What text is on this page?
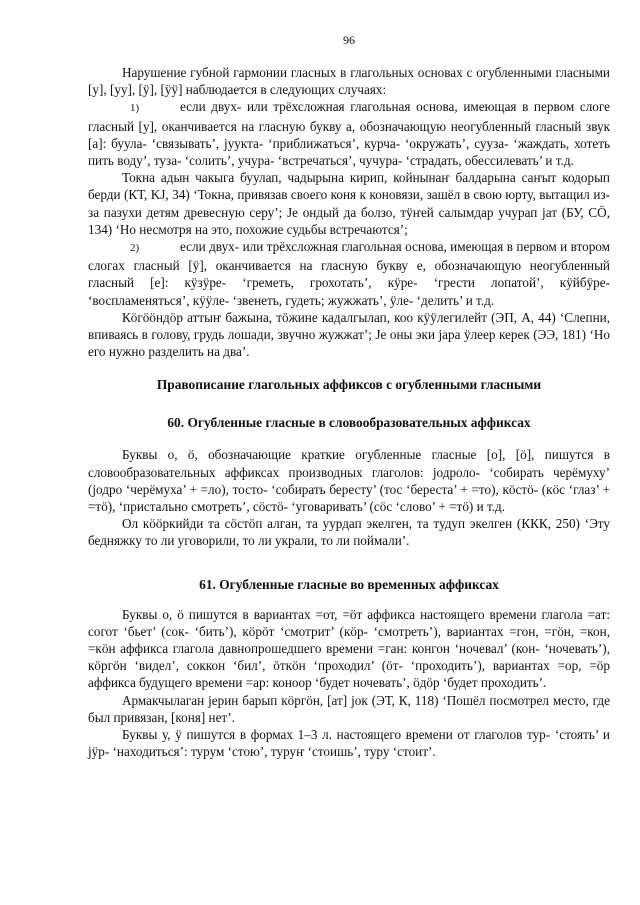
96

Нарушение губной гармонии гласных в глагольных основах с огубленными гласными [у], [уу], [ӱ], [ӱӱ] наблюдается в следующих случаях:

1)	если двух- или трёхсложная глагольная основа, имеющая в первом слоге гласный [у], оканчивается на гласную букву а, обозначающую неогубленный гласный звук [а]: буула- ‘связывать’, јуукта- ‘приближаться’, курча- ‘окружать’, сууза- ‘жаждать, хотеть пить воду’, туза- ‘солить’, учура- ‘встречаться’, чучура- ‘страдать, обессилевать’ и т.д.

Токна адын чакыга буулап, чадырына кирип, койнынаҥ балдарына саҥыт кодорып берди (КТ, KJ, 34) ‘Токна, привязав своего коня к коновязи, зашёл в свою юрту, вытащил из-за пазухи детям древесную серу’; Је ондый да болзо, тӱҥей салымдар учурап јат (БУ, СӦ, 134) ‘Но несмотря на это, похожие судьбы встречаются’;

2)	если двух- или трёхсложная глагольная основа, имеющая в первом и втором слогах гласный [ӱ], оканчивается на гласную букву е, обозначающую неогубленный гласный [е]: кӱзӱре- ‘греметь, грохотать’, кӱре- ‘грести лопатой’, кӱйбӱре- ‘воспламеняться’, кӱӱле- ‘звенеть, гудеть; жужжать’, ӱле- ‘делить’ и т.д.

Кӧгӧӧндӧр аттыҥ бажына, тӧжине кадалгылап, коо кӱӱлегилейт (ЭП, А, 44) ‘Слепни, впиваясь в голову, грудь лошади, звучно жужжат’; Је оны эки јара ӱлеер керек (ЭЭ, 181) ‘Но его нужно разделить на два’.

Правописание глагольных аффиксов с огубленными гласными
60. Огубленные гласные в словообразовательных аффиксах

Буквы о, ӧ, обозначающие краткие огубленные гласные [о], [ӧ], пишутся в словообразовательных аффиксах производных глаголов: јодроло- ‘собирать черёмуху’ (јодро ‘черёмуха’ + =ло), тосто- ‘собирать бересту’ (тос ‘береста’ + =то), кӧстӧ- (кӧс ‘глаз’ + =тӧ), ‘пристально смотреть’, сӧстӧ- ‘уговаривать’ (сӧс ‘слово’ + =тӧ) и т.д.

Ол кӧӧркийди та сӧстӧп алган, та уурдап экелген, та тудуп экелген (ККК, 250) ‘Эту бедняжку то ли уговорили, то ли украли, то ли поймали’.

61. Огубленные гласные во временных аффиксах

Буквы о, ӧ пишутся в вариантах =от, =ӧт аффикса настоящего времени глагола =ат: согот ‘бьет’ (сок- ‘бить’), кӧрӧт ‘смотрит’ (кӧр- ‘смотреть’), вариантах =гон, =гӧн, =кон, =кӧн аффикса глагола давнопрошедшего времени =ган: конгон ‘ночевал’ (кон- ‘ночевать’), кӧргӧн ‘видел’, соккон ‘бил’, ӧткӧн ‘проходил’ (ӧт- ‘проходить’), вариантах =ор, =ӧр аффикса будущего времени =ар: коноор ‘будет ночевать’, ӧдӧр ‘будет проходить’.

Армакчылаган јерин барып кӧргӧн, [ат] јок (ЭТ, К, 118) ‘Пошёл посмотрел место, где был привязан, [коня] нет’.

Буквы у, ӱ пишутся в формах 1–3 л. настоящего времени от глаголов тур- ‘стоять’ и јӱр- ‘находиться’: турум ‘стою’, туруҥ ‘стоишь’, туру ‘стоит’.
